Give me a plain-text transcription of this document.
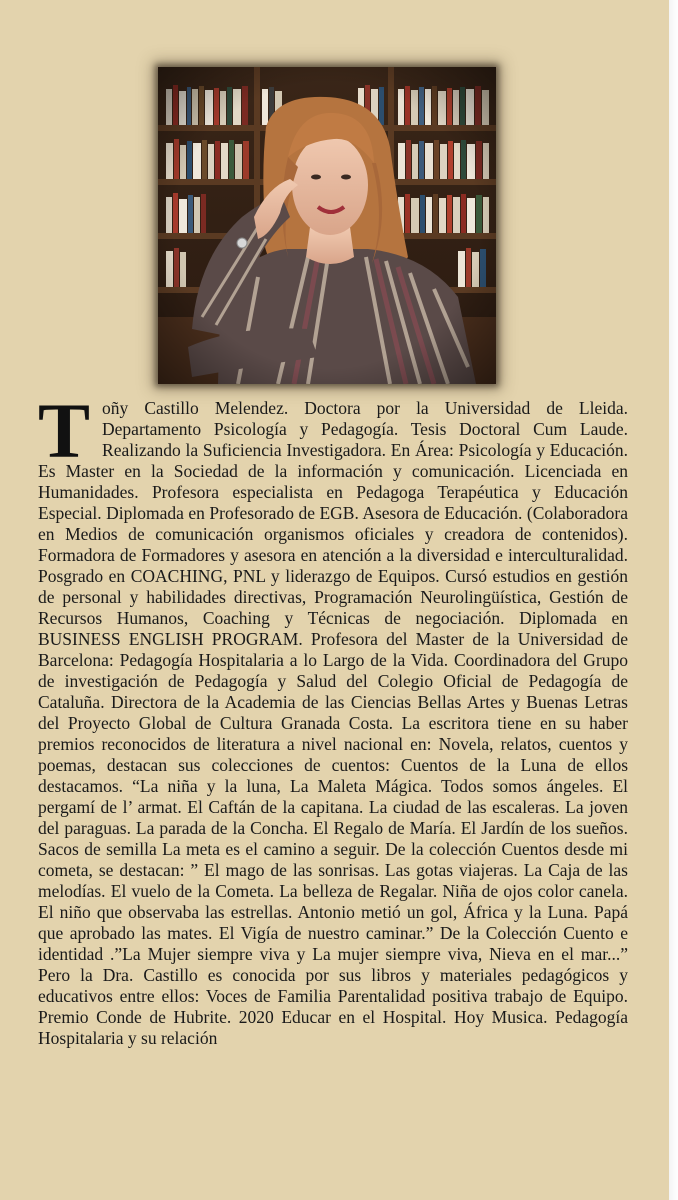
Toñy Castillo Melendez. Doctora por la Universidad de Lleida. Departamento Psicología y Pedagogía. Tesis Doctoral Cum Laude. Realizando la Suficiencia Investigadora. En Área: Psicología y Educación. Es Master en la Sociedad de la información y comunicación. Licenciada en Humanidades. Profesora especialista en Pedagoga Terapéutica y Educación Especial. Diplomada en Profesorado de EGB. Asesora de Educación. (Colaboradora en Medios de comunicación organismos oficiales y creadora de contenidos). Formadora de Formadores y asesora en atención a la diversidad e interculturalidad. Posgrado en COACHING, PNL y liderazgo de Equipos. Cursó estudios en gestión de personal y habilidades directivas, Programación Neurolingüística, Gestión de Recursos Humanos, Coaching y Técnicas de negociación. Diplomada en BUSINESS ENGLISH PROGRAM. Profesora del Master de la Universidad de Barcelona: Pedagogía Hospitalaria a lo Largo de la Vida. Coordinadora del Grupo de investigación de Pedagogía y Salud del Colegio Oficial de Pedagogía de Cataluña. Directora de la Academia de las Ciencias Bellas Artes y Buenas Letras del Proyecto Global de Cultura Granada Costa. La escritora tiene en su haber premios reconocidos de literatura a nivel nacional en: Novela, relatos, cuentos y poemas, destacan sus colecciones de cuentos: Cuentos de la Luna de ellos destacamos. “La niña y la luna, La Maleta Mágica. Todos somos ángeles. El pergamí de l’ armat. El Caftán de la capitana. La ciudad de las escaleras. La joven del paraguas. La parada de la Concha. El Regalo de María. El Jardín de los sueños. Sacos de semilla La meta es el camino a seguir. De la colección Cuentos desde mi cometa, se destacan: ” El mago de las sonrisas. Las gotas viajeras. La Caja de las melodías. El vuelo de la Cometa. La belleza de Regalar. Niña de ojos color canela. El niño que observaba las estrellas. Antonio metió un gol, África y la Luna. Papá que aprobado las mates. El Vigía de nuestro caminar.” De la Colección Cuento e identidad .”La Mujer siempre viva y La mujer siempre viva, Nieva en el mar...” Pero la Dra. Castillo es conocida por sus libros y materiales pedagógicos y educativos entre ellos: Voces de Familia Parentalidad positiva trabajo de Equipo. Premio Conde de Hubrite. 2020 Educar en el Hospital. Hoy Musica. Pedagogía Hospitalaria y su relación
